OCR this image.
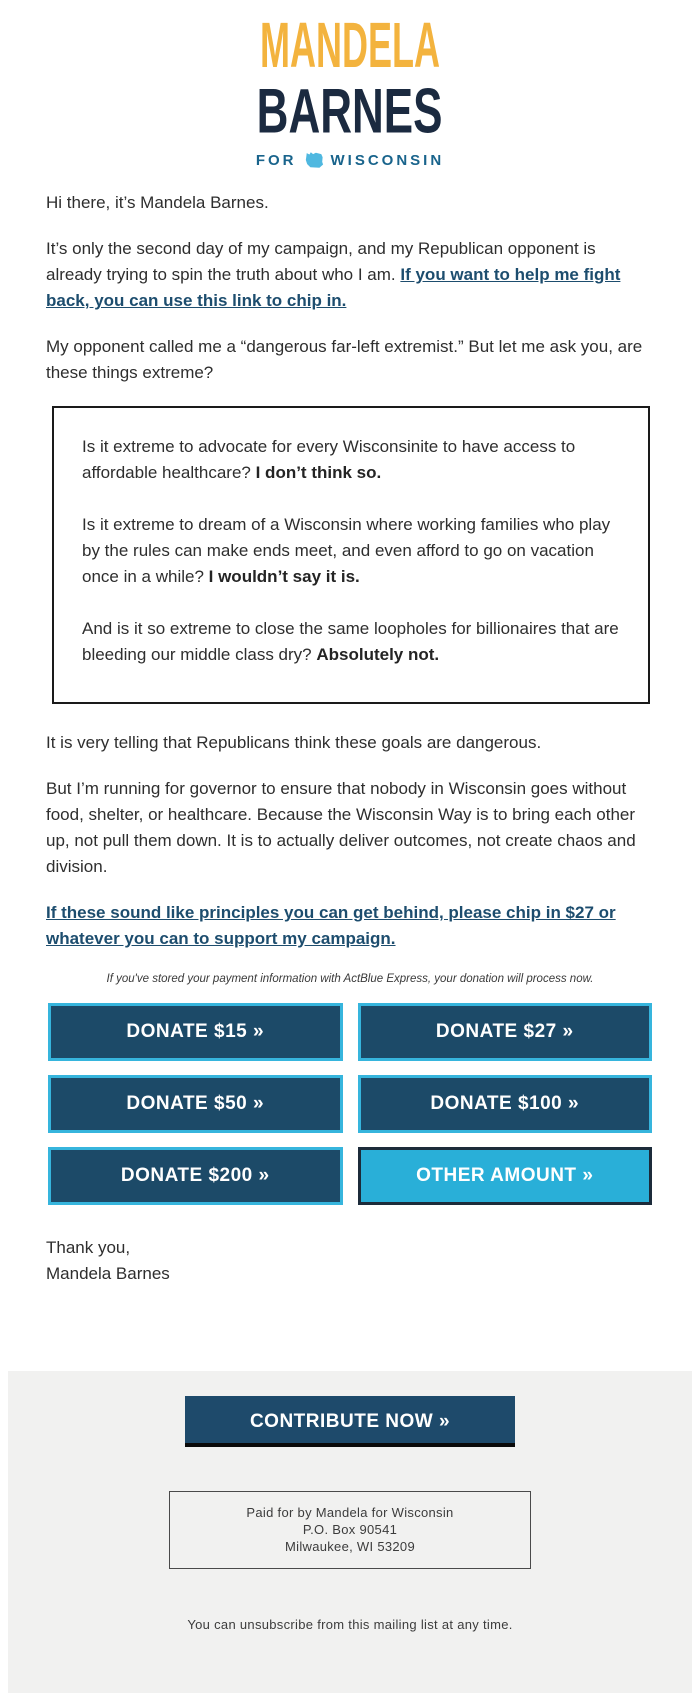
MANDELA
BARNES
FOR WISCONSIN

Hi there, it’s Mandela Barnes.

It’s only the second day of my campaign, and my Republican opponent is already trying to spin the truth about who I am. If you want to help me fight back, you can use this link to chip in.

My opponent called me a “dangerous far-left extremist.” But let me ask you, are these things extreme?

Is it extreme to advocate for every Wisconsinite to have access to affordable healthcare? I don’t think so.

Is it extreme to dream of a Wisconsin where working families who play by the rules can make ends meet, and even afford to go on vacation once in a while? I wouldn’t say it is.

And is it so extreme to close the same loopholes for billionaires that are bleeding our middle class dry? Absolutely not.

It is very telling that Republicans think these goals are dangerous.

But I’m running for governor to ensure that nobody in Wisconsin goes without food, shelter, or healthcare. Because the Wisconsin Way is to bring each other up, not pull them down. It is to actually deliver outcomes, not create chaos and division.

If these sound like principles you can get behind, please chip in $27 or whatever you can to support my campaign.

If you've stored your payment information with ActBlue Express, your donation will process now.
DONATE $15 »	DONATE $27 »
DONATE $50 »	DONATE $100 »
DONATE $200 »	OTHER AMOUNT »
Thank you,
Mandela Barnes
CONTRIBUTE NOW »
Paid for by Mandela for Wisconsin
P.O. Box 90541
Milwaukee, WI 53209
You can unsubscribe from this mailing list at any time.
